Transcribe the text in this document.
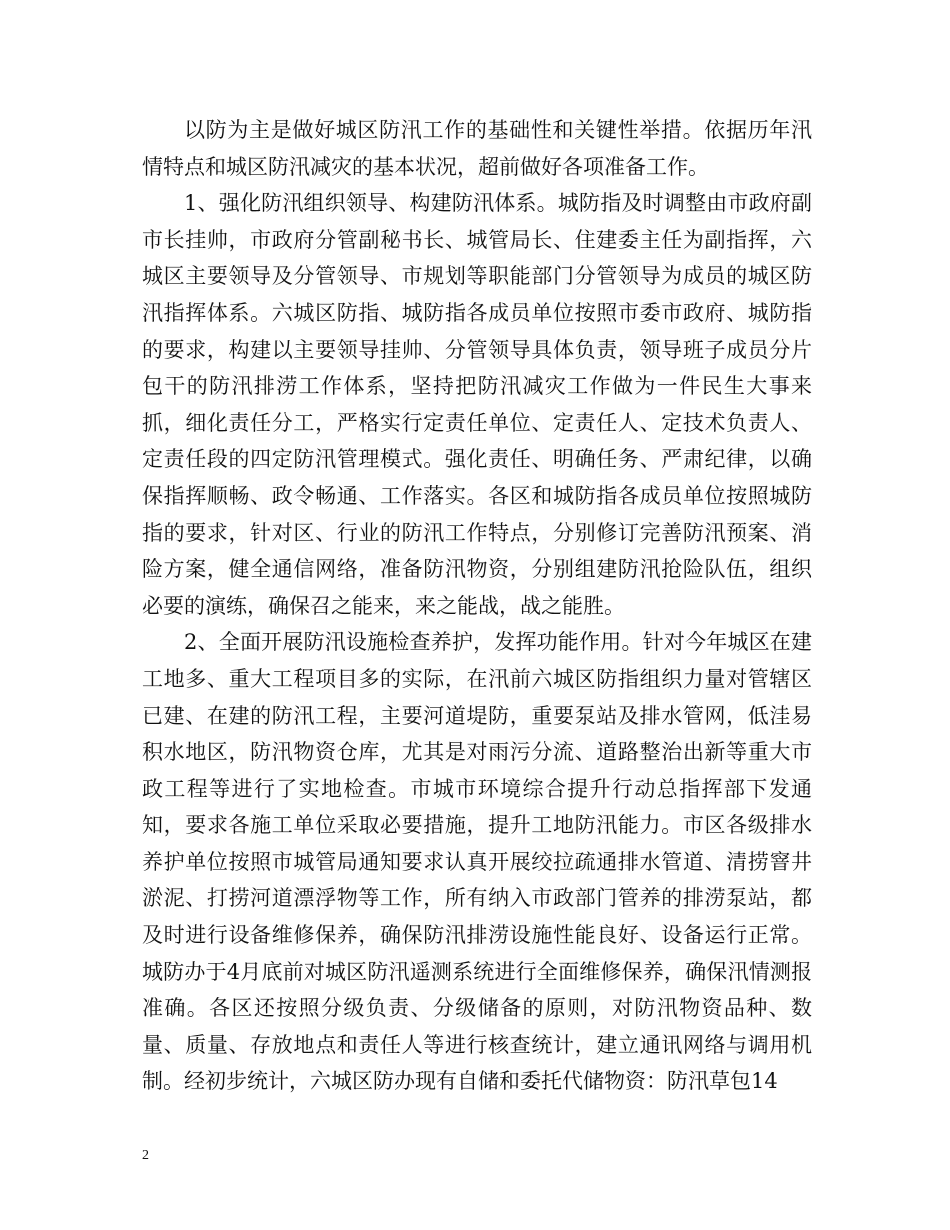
以防为主是做好城区防汛工作的基础性和关键性举措。依据历年汛情特点和城区防汛减灾的基本状况，超前做好各项准备工作。

1、强化防汛组织领导、构建防汛体系。城防指及时调整由市政府副市长挂帅，市政府分管副秘书长、城管局长、住建委主任为副指挥，六城区主要领导及分管领导、市规划等职能部门分管领导为成员的城区防汛指挥体系。六城区防指、城防指各成员单位按照市委市政府、城防指的要求，构建以主要领导挂帅、分管领导具体负责，领导班子成员分片包干的防汛排涝工作体系，坚持把防汛减灾工作做为一件民生大事来抓，细化责任分工，严格实行定责任单位、定责任人、定技术负责人、定责任段的四定防汛管理模式。强化责任、明确任务、严肃纪律，以确保指挥顺畅、政令畅通、工作落实。各区和城防指各成员单位按照城防指的要求，针对区、行业的防汛工作特点，分别修订完善防汛预案、消险方案，健全通信网络，准备防汛物资，分别组建防汛抢险队伍，组织必要的演练，确保召之能来，来之能战，战之能胜。

2、全面开展防汛设施检查养护，发挥功能作用。针对今年城区在建工地多、重大工程项目多的实际，在汛前六城区防指组织力量对管辖区已建、在建的防汛工程，主要河道堤防，重要泵站及排水管网，低洼易积水地区，防汛物资仓库，尤其是对雨污分流、道路整治出新等重大市政工程等进行了实地检查。市城市环境综合提升行动总指挥部下发通知，要求各施工单位采取必要措施，提升工地防汛能力。市区各级排水养护单位按照市城管局通知要求认真开展绞拉疏通排水管道、清捞窨井淤泥、打捞河道漂浮物等工作，所有纳入市政部门管养的排涝泵站，都及时进行设备维修保养，确保防汛排涝设施性能良好、设备运行正常。城防办于4月底前对城区防汛遥测系统进行全面维修保养，确保汛情测报准确。各区还按照分级负责、分级储备的原则，对防汛物资品种、数量、质量、存放地点和责任人等进行核查统计，建立通讯网络与调用机制。经初步统计，六城区防办现有自储和委托代储物资：防汛草包14

2
